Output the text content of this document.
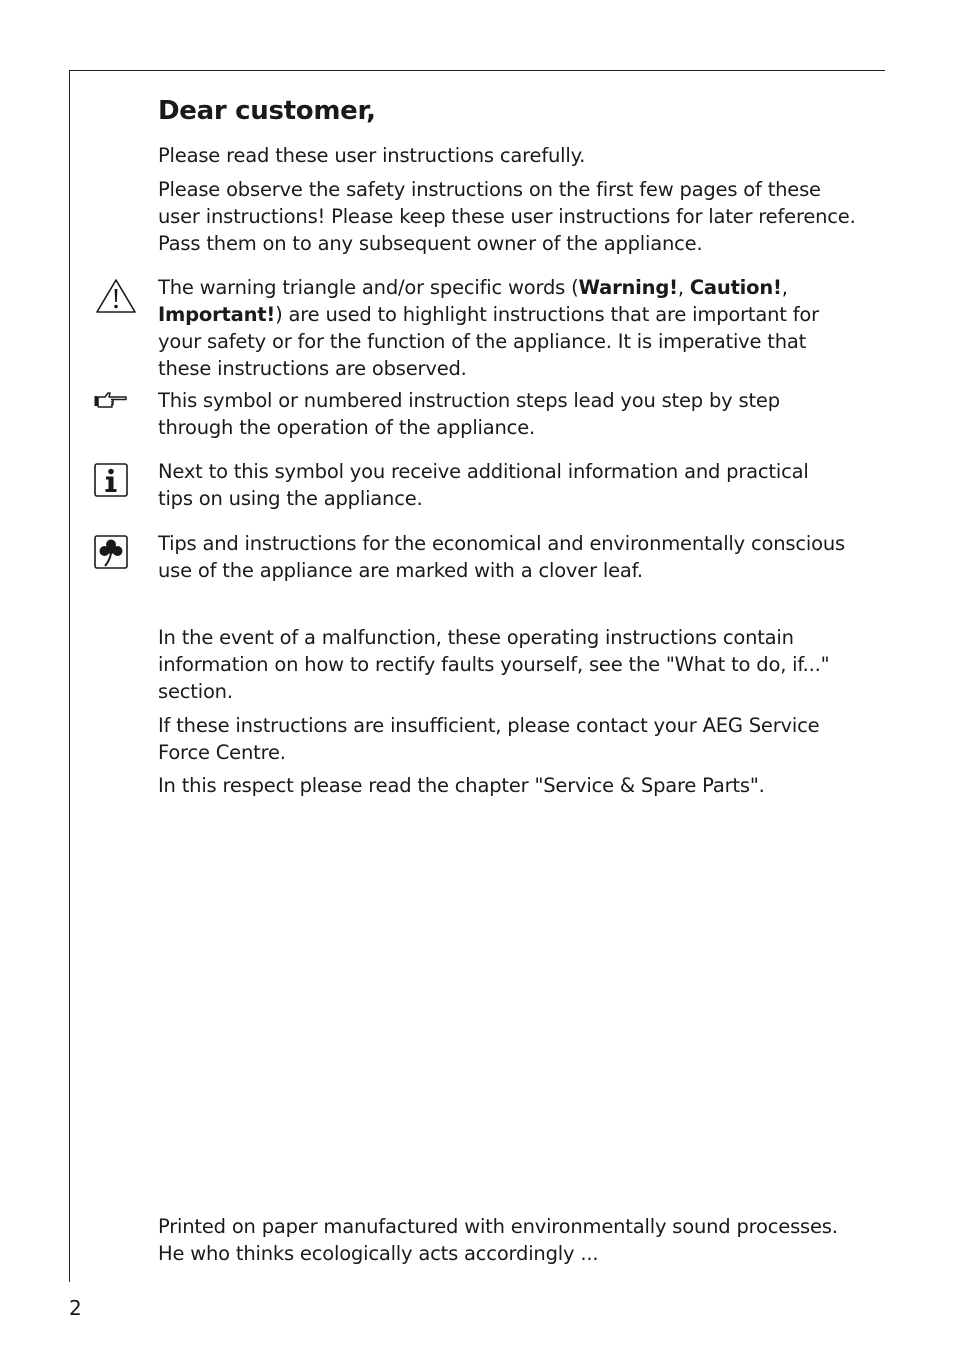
Dear customer,

Please read these user instructions carefully.

Please observe the safety instructions on the first few pages of these
user instructions! Please keep these user instructions for later reference.
Pass them on to any subsequent owner of the appliance.

The warning triangle and/or specific words (Warning!, Caution!,
Important!) are used to highlight instructions that are important for
your safety or for the function of the appliance. It is imperative that
these instructions are observed.

This symbol or numbered instruction steps lead you step by step
through the operation of the appliance.

Next to this symbol you receive additional information and practical
tips on using the appliance.

Tips and instructions for the economical and environmentally conscious
use of the appliance are marked with a clover leaf.

In the event of a malfunction, these operating instructions contain
information on how to rectify faults yourself, see the "What to do, if..."
section.

If these instructions are insufficient, please contact your AEG Service
Force Centre.

In this respect please read the chapter "Service & Spare Parts".

Printed on paper manufactured with environmentally sound processes.
He who thinks ecologically acts accordingly ...

2
